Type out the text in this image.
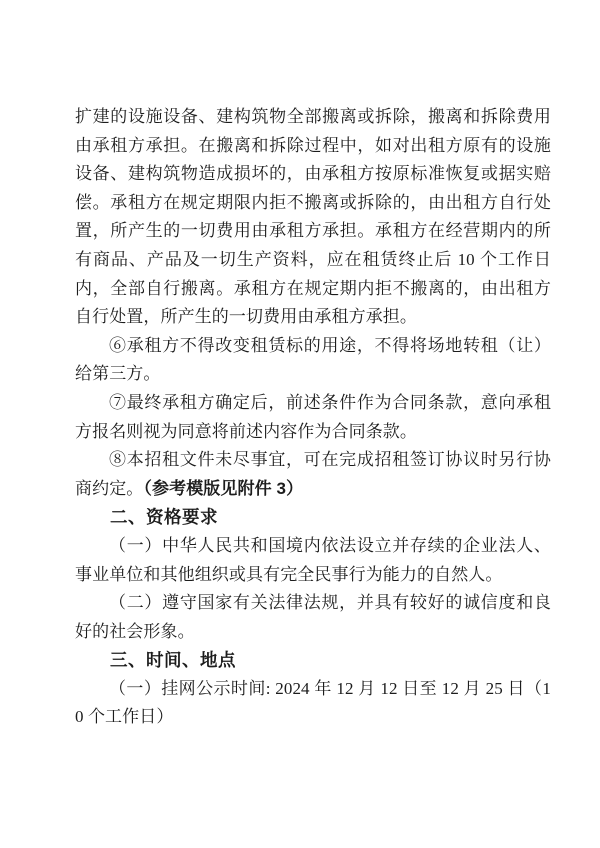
扩建的设施设备、建构筑物全部搬离或拆除，搬离和拆除费用由承租方承担。在搬离和拆除过程中，如对出租方原有的设施设备、建构筑物造成损坏的，由承租方按原标准恢复或据实赔偿。承租方在规定期限内拒不搬离或拆除的，由出租方自行处置，所产生的一切费用由承租方承担。承租方在经营期内的所有商品、产品及一切生产资料，应在租赁终止后 10 个工作日内，全部自行搬离。承租方在规定期内拒不搬离的，由出租方自行处置，所产生的一切费用由承租方承担。

⑥承租方不得改变租赁标的用途，不得将场地转租（让）给第三方。

⑦最终承租方确定后，前述条件作为合同条款，意向承租方报名则视为同意将前述内容作为合同条款。

⑧本招租文件未尽事宜，可在完成招租签订协议时另行协商约定。（参考模版见附件 3）

二、资格要求

（一）中华人民共和国境内依法设立并存续的企业法人、事业单位和其他组织或具有完全民事行为能力的自然人。

（二）遵守国家有关法律法规，并具有较好的诚信度和良好的社会形象。

三、时间、地点

（一）挂网公示时间: 2024 年 12 月 12 日至 12 月 25 日（10 个工作日）
